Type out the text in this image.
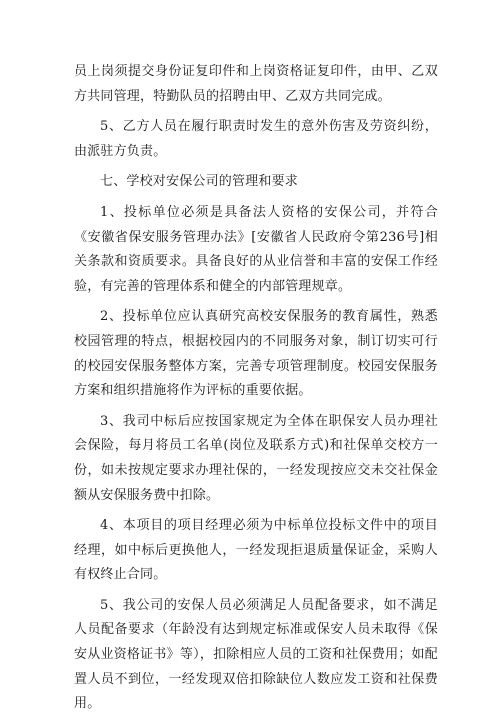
员上岗须提交身份证复印件和上岗资格证复印件，由甲、乙双方共同管理，特勤队员的招聘由甲、乙双方共同完成。

5、乙方人员在履行职责时发生的意外伤害及劳资纠纷，由派驻方负责。

七、学校对安保公司的管理和要求

1、投标单位必须是具备法人资格的安保公司，并符合《安徽省保安服务管理办法》[安徽省人民政府令第236号]相关条款和资质要求。具备良好的从业信誉和丰富的安保工作经验，有完善的管理体系和健全的内部管理规章。

2、投标单位应认真研究高校安保服务的教育属性，熟悉校园管理的特点，根据校园内的不同服务对象，制订切实可行的校园安保服务整体方案，完善专项管理制度。校园安保服务方案和组织措施将作为评标的重要依据。

3、我司中标后应按国家规定为全体在职保安人员办理社会保险，每月将员工名单(岗位及联系方式)和社保单交校方一份，如未按规定要求办理社保的，一经发现按应交未交社保金额从安保服务费中扣除。

4、本项目的项目经理必须为中标单位投标文件中的项目经理，如中标后更换他人，一经发现拒退质量保证金，采购人有权终止合同。

5、我公司的安保人员必须满足人员配备要求，如不满足人员配备要求（年龄没有达到规定标准或保安人员未取得《保安从业资格证书》等），扣除相应人员的工资和社保费用；如配置人员不到位，一经发现双倍扣除缺位人数应发工资和社保费用。
